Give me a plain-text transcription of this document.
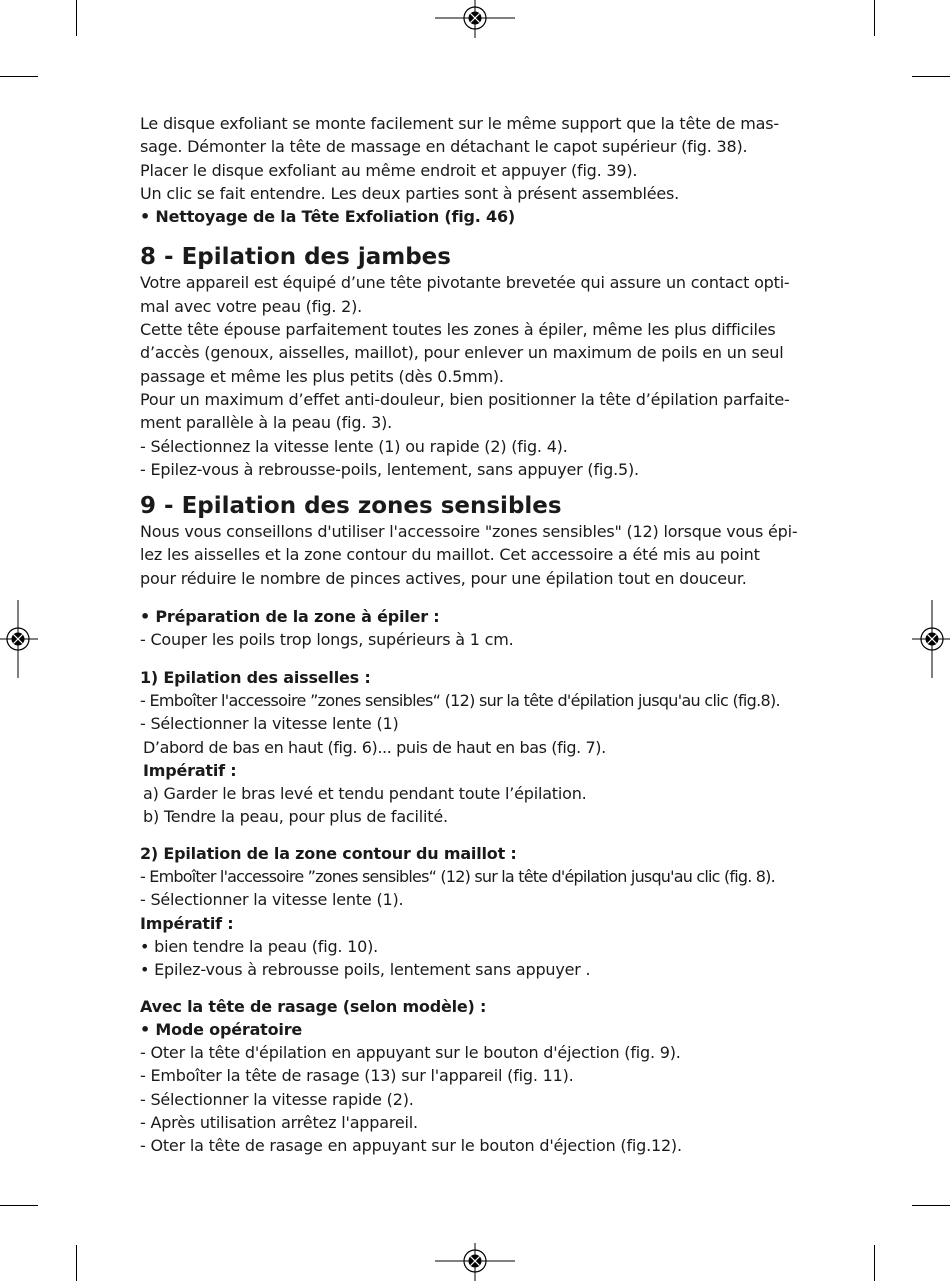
Le disque exfoliant se monte facilement sur le même support que la tête de mas-

sage. Démonter la tête de massage en détachant le capot supérieur (fig. 38).

Placer le disque exfoliant au même endroit et appuyer (fig. 39).

Un clic se fait entendre. Les deux parties sont à présent assemblées.

• Nettoyage de la Tête Exfoliation (fig. 46)

8 - Epilation des jambes

Votre appareil est équipé d’une tête pivotante brevetée qui assure un contact opti-

mal avec votre peau (fig. 2).

Cette tête épouse parfaitement toutes les zones à épiler, même les plus difficiles

d’accès (genoux, aisselles, maillot), pour enlever un maximum de poils en un seul

passage et même les plus petits (dès 0.5mm).

Pour un maximum d’effet anti-douleur, bien positionner la tête d’épilation parfaite-

ment parallèle à la peau (fig. 3).

- Sélectionnez la vitesse lente (1) ou rapide (2) (fig. 4).

- Epilez-vous à rebrousse-poils, lentement, sans appuyer (fig.5).

9 - Epilation des zones sensibles

Nous vous conseillons d'utiliser l'accessoire "zones sensibles" (12) lorsque vous épi-

lez les aisselles et la zone contour du maillot. Cet accessoire a été mis au point

pour réduire le nombre de pinces actives, pour une épilation tout en douceur.

• Préparation de la zone à épiler :

- Couper les poils trop longs, supérieurs à 1 cm.

1) Epilation des aisselles :

- Emboîter l'accessoire ”zones sensibles“ (12) sur la tête d'épilation jusqu'au clic (fig.8).

- Sélectionner la vitesse lente (1)

D’abord de bas en haut (fig. 6)... puis de haut en bas (fig. 7).

Impératif :

a) Garder le bras levé et tendu pendant toute l’épilation.

b) Tendre la peau, pour plus de facilité.

2) Epilation de la zone contour du maillot :

- Emboîter l'accessoire ”zones sensibles“ (12) sur la tête d'épilation jusqu'au clic (fig. 8).

- Sélectionner la vitesse lente (1).

Impératif :

• bien tendre la peau (fig. 10).

• Epilez-vous à rebrousse poils, lentement sans appuyer .

Avec la tête de rasage (selon modèle) :

• Mode opératoire

- Oter la tête d'épilation en appuyant sur le bouton d'éjection (fig. 9).

- Emboîter la tête de rasage (13) sur l'appareil (fig. 11).

- Sélectionner la vitesse rapide (2).

- Après utilisation arrêtez l'appareil.

- Oter la tête de rasage en appuyant sur le bouton d'éjection (fig.12).
